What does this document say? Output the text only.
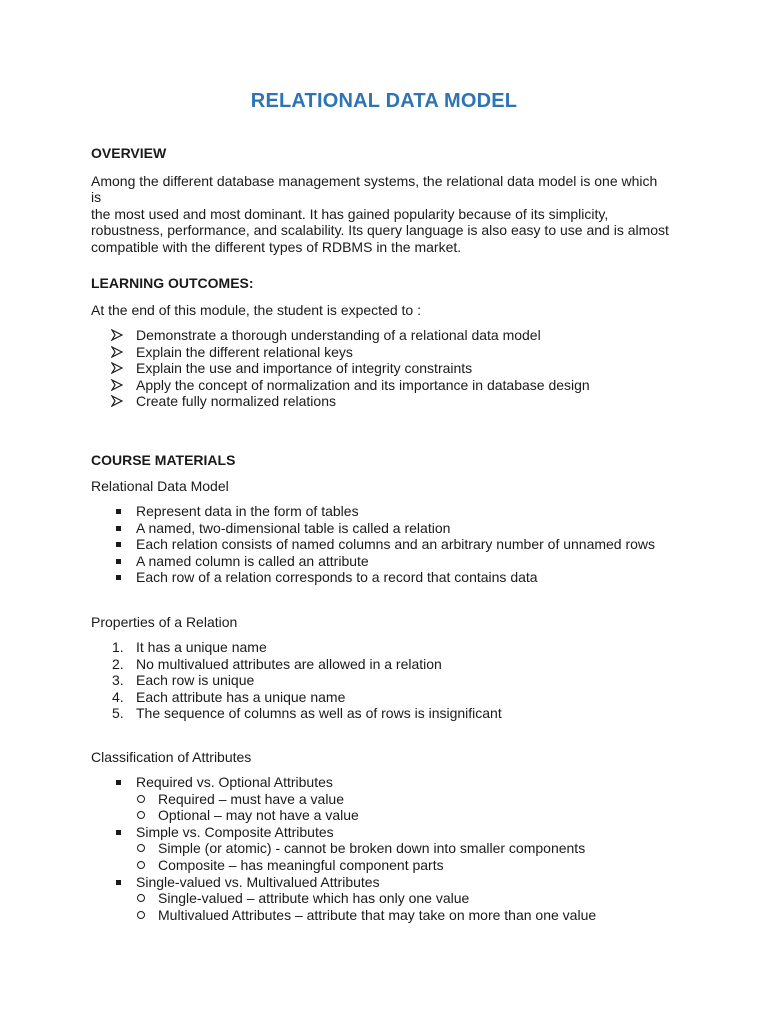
RELATIONAL DATA MODEL
OVERVIEW
Among the different database management systems, the relational data model is one which is
the most used and most dominant. It has gained popularity because of its simplicity,
robustness, performance, and scalability. Its query language is also easy to use and is almost
compatible with the different types of RDBMS in the market.
LEARNING OUTCOMES:
At the end of this module, the student is expected to :
Demonstrate a thorough understanding of a relational data model
Explain the different relational keys
Explain the use and importance of integrity constraints
Apply the concept of normalization and its importance in database design
Create fully normalized relations
COURSE MATERIALS
Relational Data Model
Represent data in the form of tables
A named, two-dimensional table is called a relation
Each relation consists of named columns and an arbitrary number of unnamed rows
A named column is called an attribute
Each row of a relation corresponds to a record that contains data
Properties of a Relation
1. It has a unique name
2. No multivalued attributes are allowed in a relation
3. Each row is unique
4. Each attribute has a unique name
5. The sequence of columns as well as of rows is insignificant
Classification of Attributes
Required vs. Optional Attributes
Required – must have a value
Optional – may not have a value
Simple vs. Composite Attributes
Simple (or atomic) - cannot be broken down into smaller components
Composite – has meaningful component parts
Single-valued vs. Multivalued Attributes
Single-valued – attribute which has only one value
Multivalued Attributes – attribute that may take on more than one value
